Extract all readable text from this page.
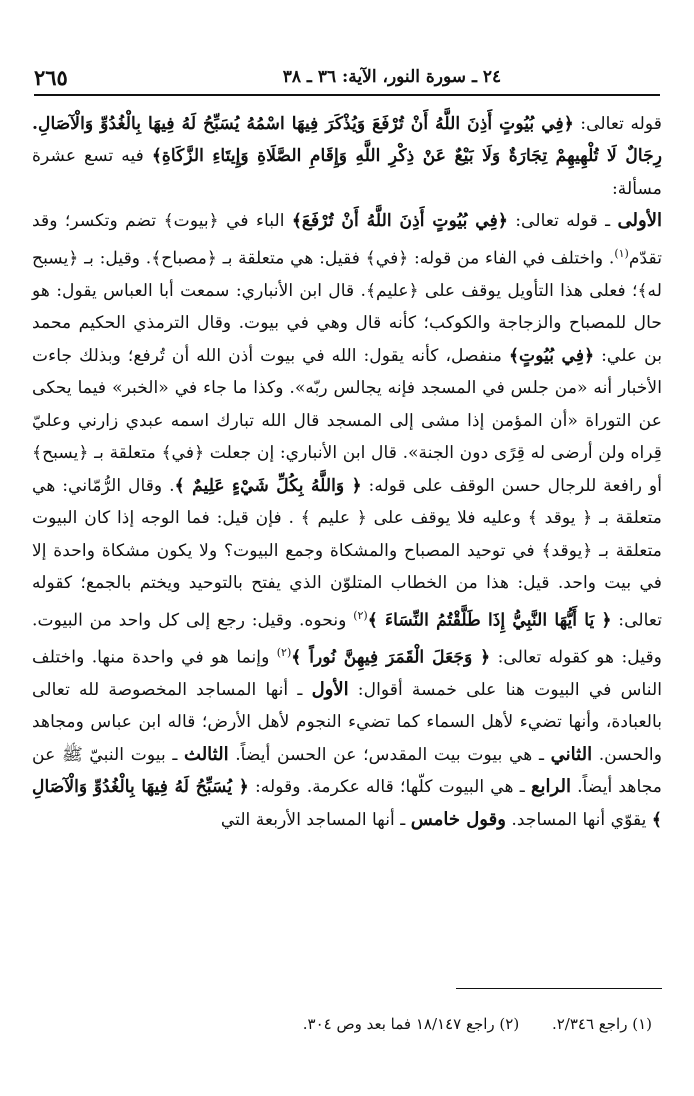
٢٦٥	٢٤ ـ سورة النور، الآية: ٣٦ ـ ٣٨

قوله تعالى: ﴿فِي بُيُوتٍ أَذِنَ اللَّهُ أَنْ تُرْفَعَ وَيُذْكَرَ فِيهَا اسْمُهُ يُسَبِّحُ لَهُ فِيهَا بِالْغُدُوِّ وَالْآصَالِ. رِجَالٌ لَا تُلْهِيهِمْ تِجَارَةٌ وَلَا بَيْعٌ عَنْ ذِكْرِ اللَّهِ وَإِقَامِ الصَّلَاةِ وَإِيتَاءِ الزَّكَاةِ﴾ فيه تسع عشرة مسألة:

الأولى ـ قوله تعالى: ﴿فِي بُيُوتٍ أَذِنَ اللَّهُ أَنْ تُرْفَعَ﴾ الباء في ﴿بيوت﴾ تضم وتكسر؛ وقد تقدّم$^{(١)}$. واختلف في الفاء من قوله: ﴿في﴾ فقيل: هي متعلقة بـ ﴿مصباح﴾. وقيل: بـ ﴿يسبح له﴾؛ فعلى هذا التأويل يوقف على ﴿عليم﴾. قال ابن الأنباري: سمعت أبا العباس يقول: هو حال للمصباح والزجاجة والكوكب؛ كأنه قال وهي في بيوت. وقال الترمذي الحكيم محمد بن علي: ﴿فِي بُيُوتٍ﴾ منفصل، كأنه يقول: الله في بيوت أذن الله أن تُرفع؛ وبذلك جاءت الأخبار أنه «من جلس في المسجد فإنه يجالس ربّه». وكذا ما جاء في «الخبر» فيما يحكى عن التوراة «أن المؤمن إذا مشى إلى المسجد قال الله تبارك اسمه عبدي زارني وعليّ قِراه ولن أرضى له قِرًى دون الجنة». قال ابن الأنباري: إن جعلت ﴿في﴾ متعلقة بـ ﴿يسبح﴾ أو رافعة للرجال حسن الوقف على قوله: ﴿ وَاللَّهُ بِكُلِّ شَيْءٍ عَلِيمٌ ﴾. وقال الرُّمّاني: هي متعلقة بـ ﴿ يوقد ﴾ وعليه فلا يوقف على ﴿ عليم ﴾ . فإن قيل: فما الوجه إذا كان البيوت متعلقة بـ ﴿يوقد﴾ في توحيد المصباح والمشكاة وجمع البيوت؟ ولا يكون مشكاة واحدة إلا في بيت واحد. قيل: هذا من الخطاب المتلوّن الذي يفتح بالتوحيد ويختم بالجمع؛ كقوله تعالى: ﴿ يَا أَيُّهَا النَّبِيُّ إِذَا طَلَّقْتُمُ النِّسَاءَ ﴾$^{(٢)}$ ونحوه. وقيل: رجع إلى كل واحد من البيوت. وقيل: هو كقوله تعالى: ﴿ وَجَعَلَ الْقَمَرَ فِيهِنَّ نُوراً ﴾$^{(٢)}$ وإنما هو في واحدة منها. واختلف الناس في البيوت هنا على خمسة أقوال: الأول ـ أنها المساجد المخصوصة لله تعالى بالعبادة، وأنها تضيء لأهل السماء كما تضيء النجوم لأهل الأرض؛ قاله ابن عباس ومجاهد والحسن. الثاني ـ هي بيوت بيت المقدس؛ عن الحسن أيضاً. الثالث ـ بيوت النبيّ ﷺ عن مجاهد أيضاً. الرابع ـ هي البيوت كلّها؛ قاله عكرمة. وقوله: ﴿ يُسَبِّحُ لَهُ فِيهَا بِالْغُدُوِّ وَالْآصَالِ ﴾ يقوّي أنها المساجد. وقول خامس ـ أنها المساجد الأربعة التي

(١) راجع ٢/٣٤٦. (٢) راجع ١٨/١٤٧ فما بعد وص ٣٠٤.
